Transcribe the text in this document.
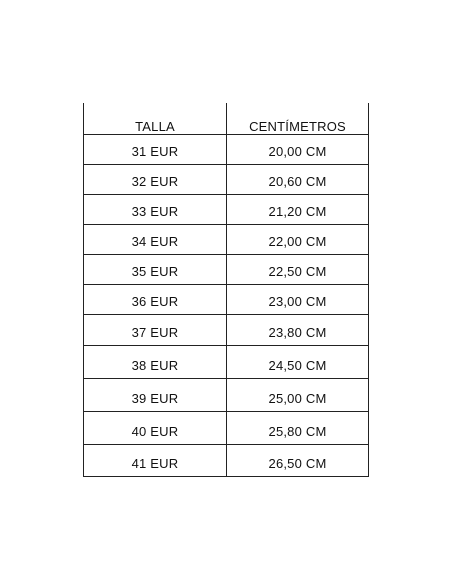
TALLA	CENTÍMETROS
31 EUR	20,00 CM
32 EUR	20,60 CM
33 EUR	21,20 CM
34 EUR	22,00 CM
35 EUR	22,50 CM
36 EUR	23,00 CM
37 EUR	23,80 CM
38 EUR	24,50 CM
39 EUR	25,00 CM
40 EUR	25,80 CM
41 EUR	26,50 CM
